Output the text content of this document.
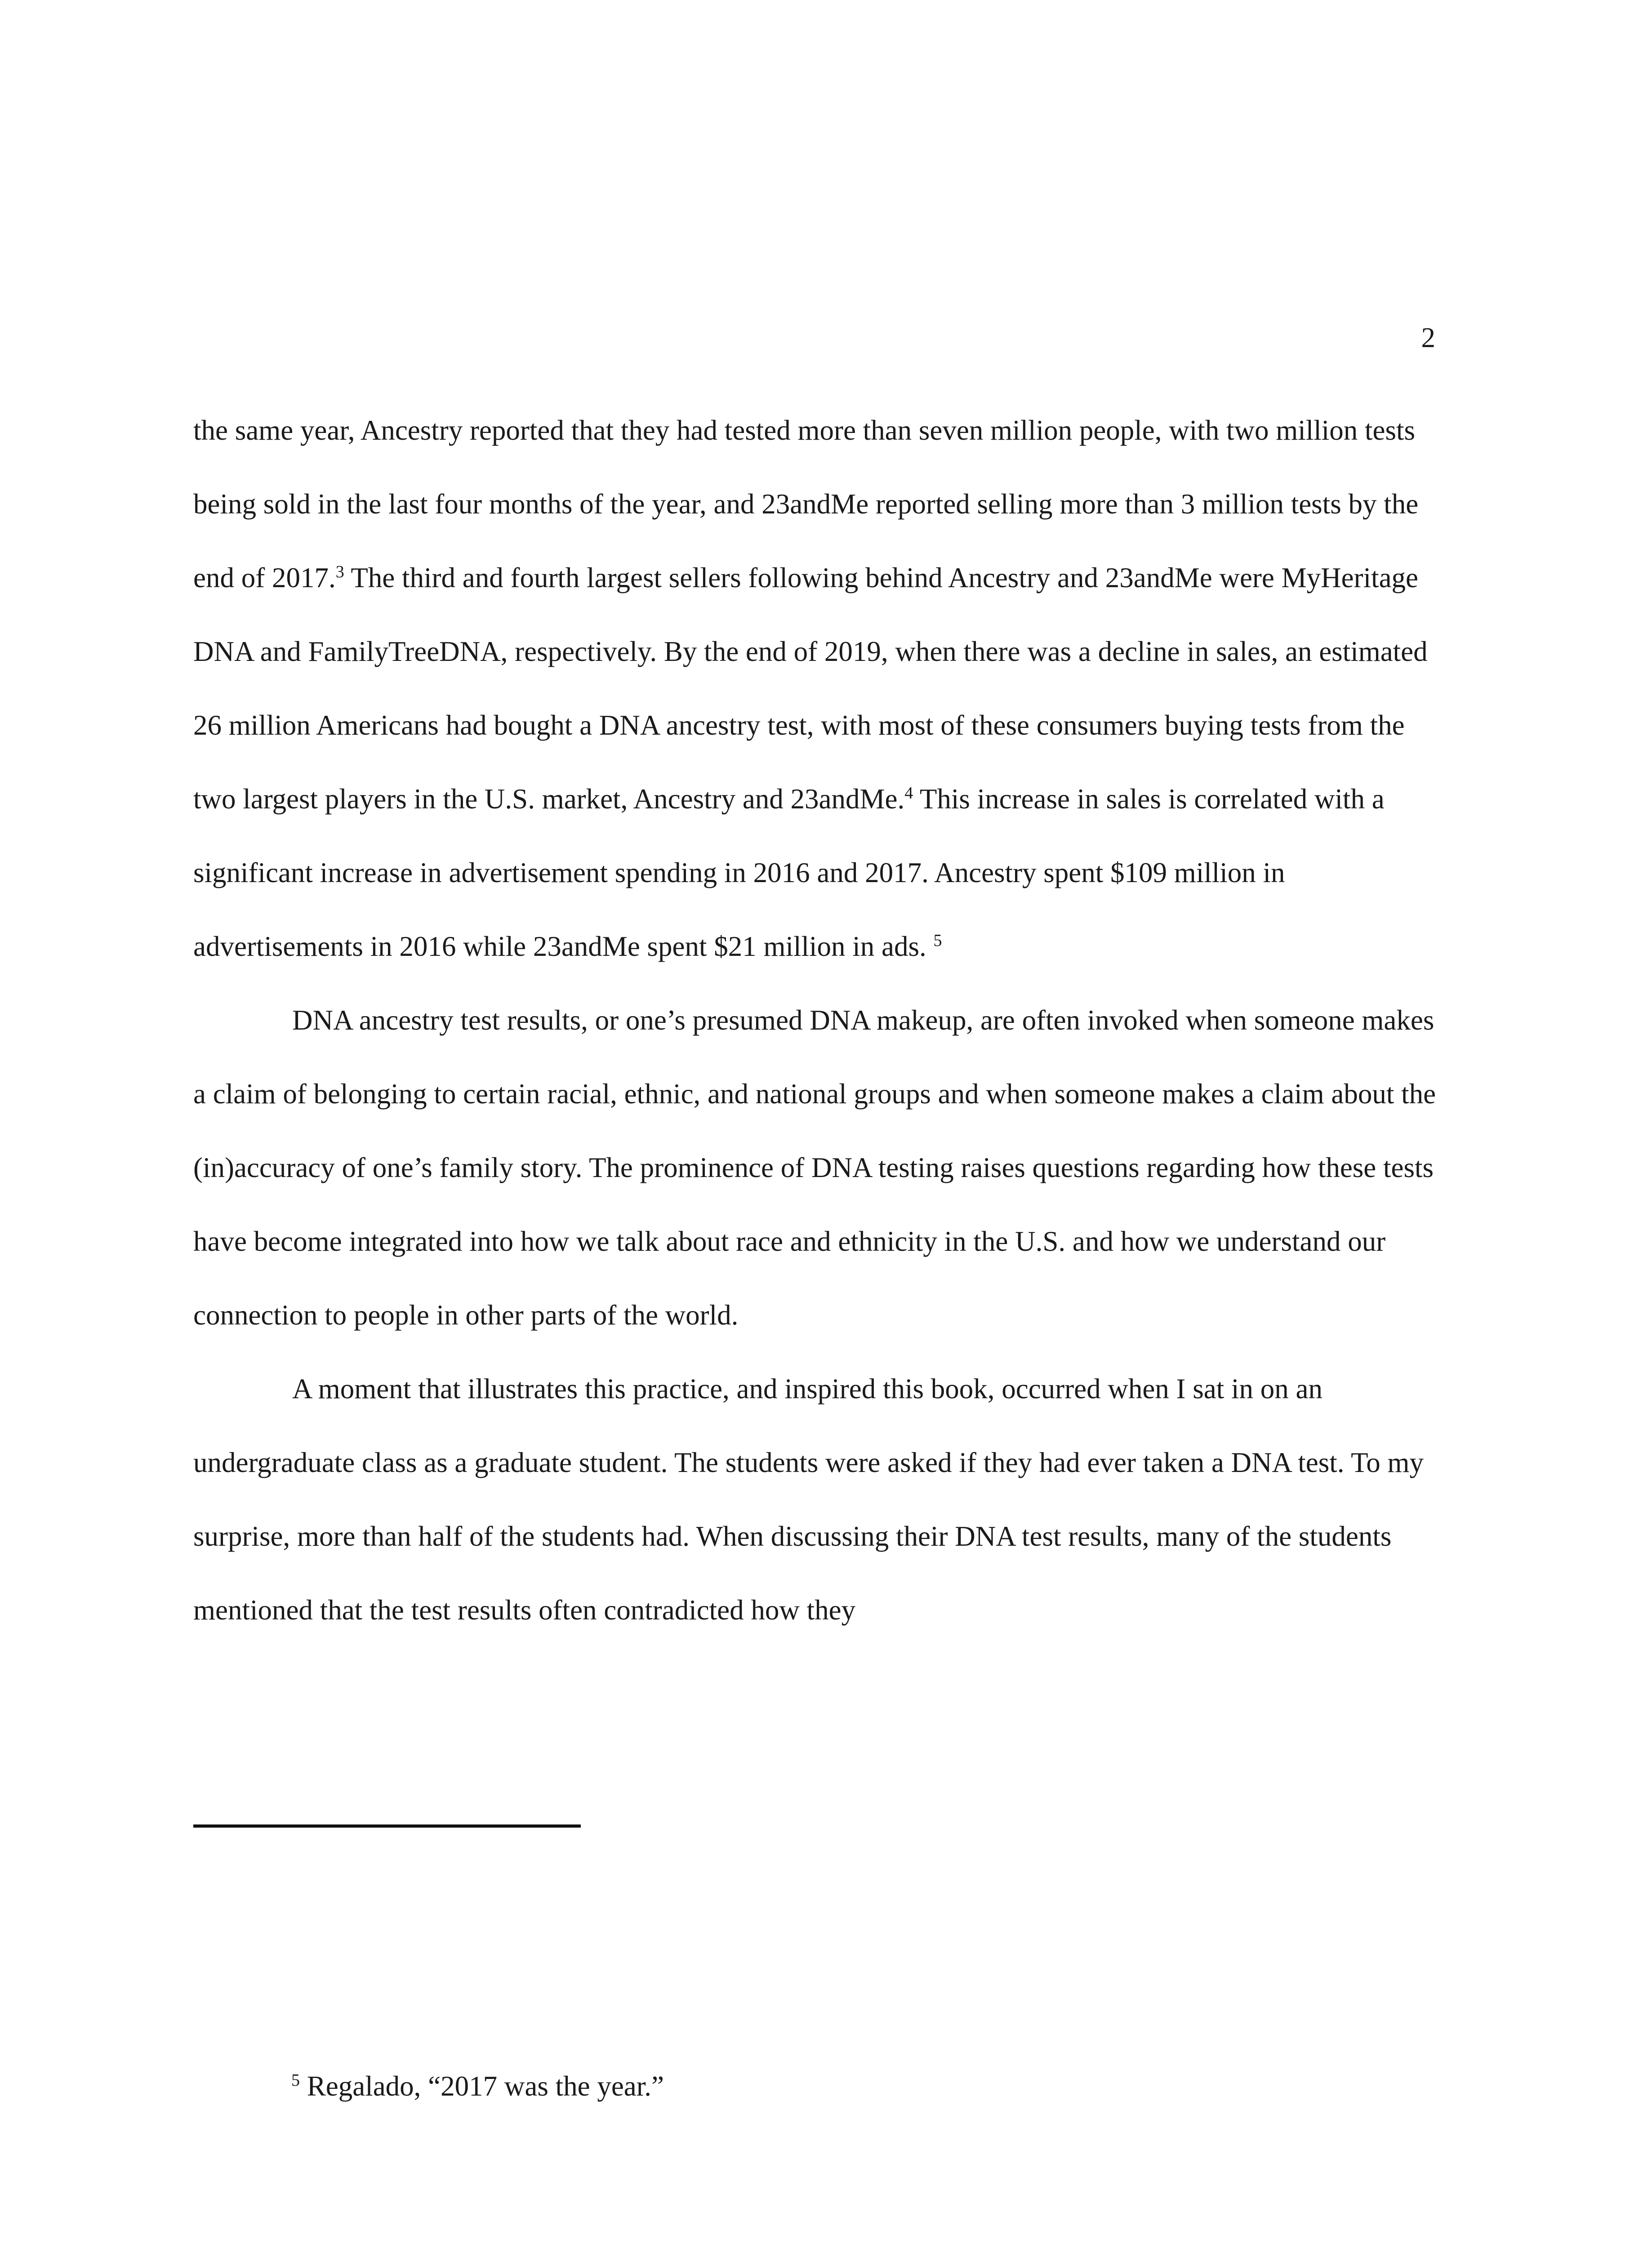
2

the same year, Ancestry reported that they had tested more than seven million people, with two million tests being sold in the last four months of the year, and 23andMe reported selling more than 3 million tests by the end of 2017.$^3$ The third and fourth largest sellers following behind Ancestry and 23andMe were MyHeritage DNA and FamilyTreeDNA, respectively. By the end of 2019, when there was a decline in sales, an estimated 26 million Americans had bought a DNA ancestry test, with most of these consumers buying tests from the two largest players in the U.S. market, Ancestry and 23andMe.$^4$ This increase in sales is correlated with a significant increase in advertisement spending in 2016 and 2017. Ancestry spent $109 million in advertisements in 2016 while 23andMe spent $21 million in ads. $^5$

DNA ancestry test results, or one’s presumed DNA makeup, are often invoked when someone makes a claim of belonging to certain racial, ethnic, and national groups and when someone makes a claim about the (in)accuracy of one’s family story. The prominence of DNA testing raises questions regarding how these tests have become integrated into how we talk about race and ethnicity in the U.S. and how we understand our connection to people in other parts of the world.

A moment that illustrates this practice, and inspired this book, occurred when I sat in on an undergraduate class as a graduate student. The students were asked if they had ever taken a DNA test. To my surprise, more than half of the students had. When discussing their DNA test results, many of the students mentioned that the test results often contradicted how they

$^5$ Regalado, “2017 was the year.”
